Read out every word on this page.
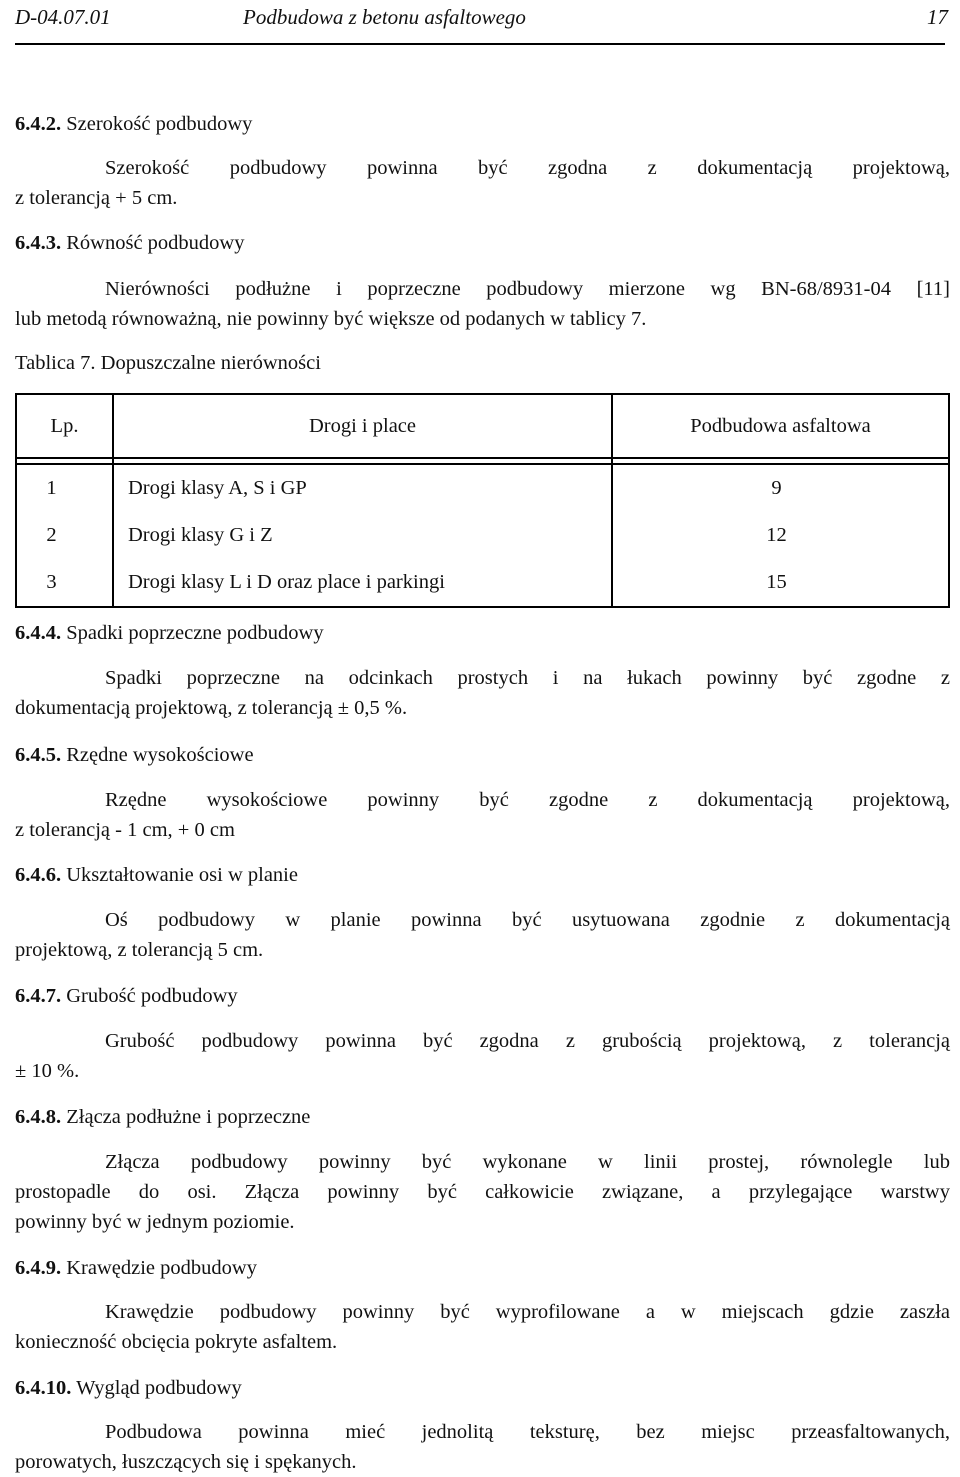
D-04.07.01	Podbudowa z betonu asfaltowego	17
6.4.2. Szerokość podbudowy
Szerokość podbudowy powinna być zgodna z dokumentacją projektową,
z tolerancją + 5 cm.
6.4.3. Równość podbudowy
Nierówności podłużne i poprzeczne podbudowy mierzone wg BN-68/8931-04 [11]
lub metodą równoważną, nie powinny być większe od podanych w tablicy 7.
Tablica 7. Dopuszczalne nierówności
Lp.	Drogi i place	Podbudowa asfaltowa

1	Drogi klasy A, S i GP	9
2	Drogi klasy G i Z	12
3	Drogi klasy L i D oraz place i parkingi	15
6.4.4. Spadki poprzeczne podbudowy
Spadki poprzeczne na odcinkach prostych i na łukach powinny być zgodne z
dokumentacją projektową, z tolerancją ± 0,5 %.
6.4.5. Rzędne wysokościowe
Rzędne wysokościowe powinny być zgodne z dokumentacją projektową,
z tolerancją - 1 cm, + 0 cm
6.4.6. Ukształtowanie osi w planie
Oś podbudowy w planie powinna być usytuowana zgodnie z dokumentacją
projektową, z tolerancją 5 cm.
6.4.7. Grubość podbudowy
Grubość podbudowy powinna być zgodna z grubością projektową, z tolerancją
± 10 %.
6.4.8. Złącza podłużne i poprzeczne
Złącza podbudowy powinny być wykonane w linii prostej, równolegle lub
prostopadle do osi. Złącza powinny być całkowicie związane, a przylegające warstwy
powinny być w jednym poziomie.
6.4.9. Krawędzie podbudowy
Krawędzie podbudowy powinny być wyprofilowane a w miejscach gdzie zaszła
konieczność obcięcia pokryte asfaltem.
6.4.10. Wygląd podbudowy
Podbudowa powinna mieć jednolitą teksturę, bez miejsc przeasfaltowanych,
porowatych, łuszczących się i spękanych.
